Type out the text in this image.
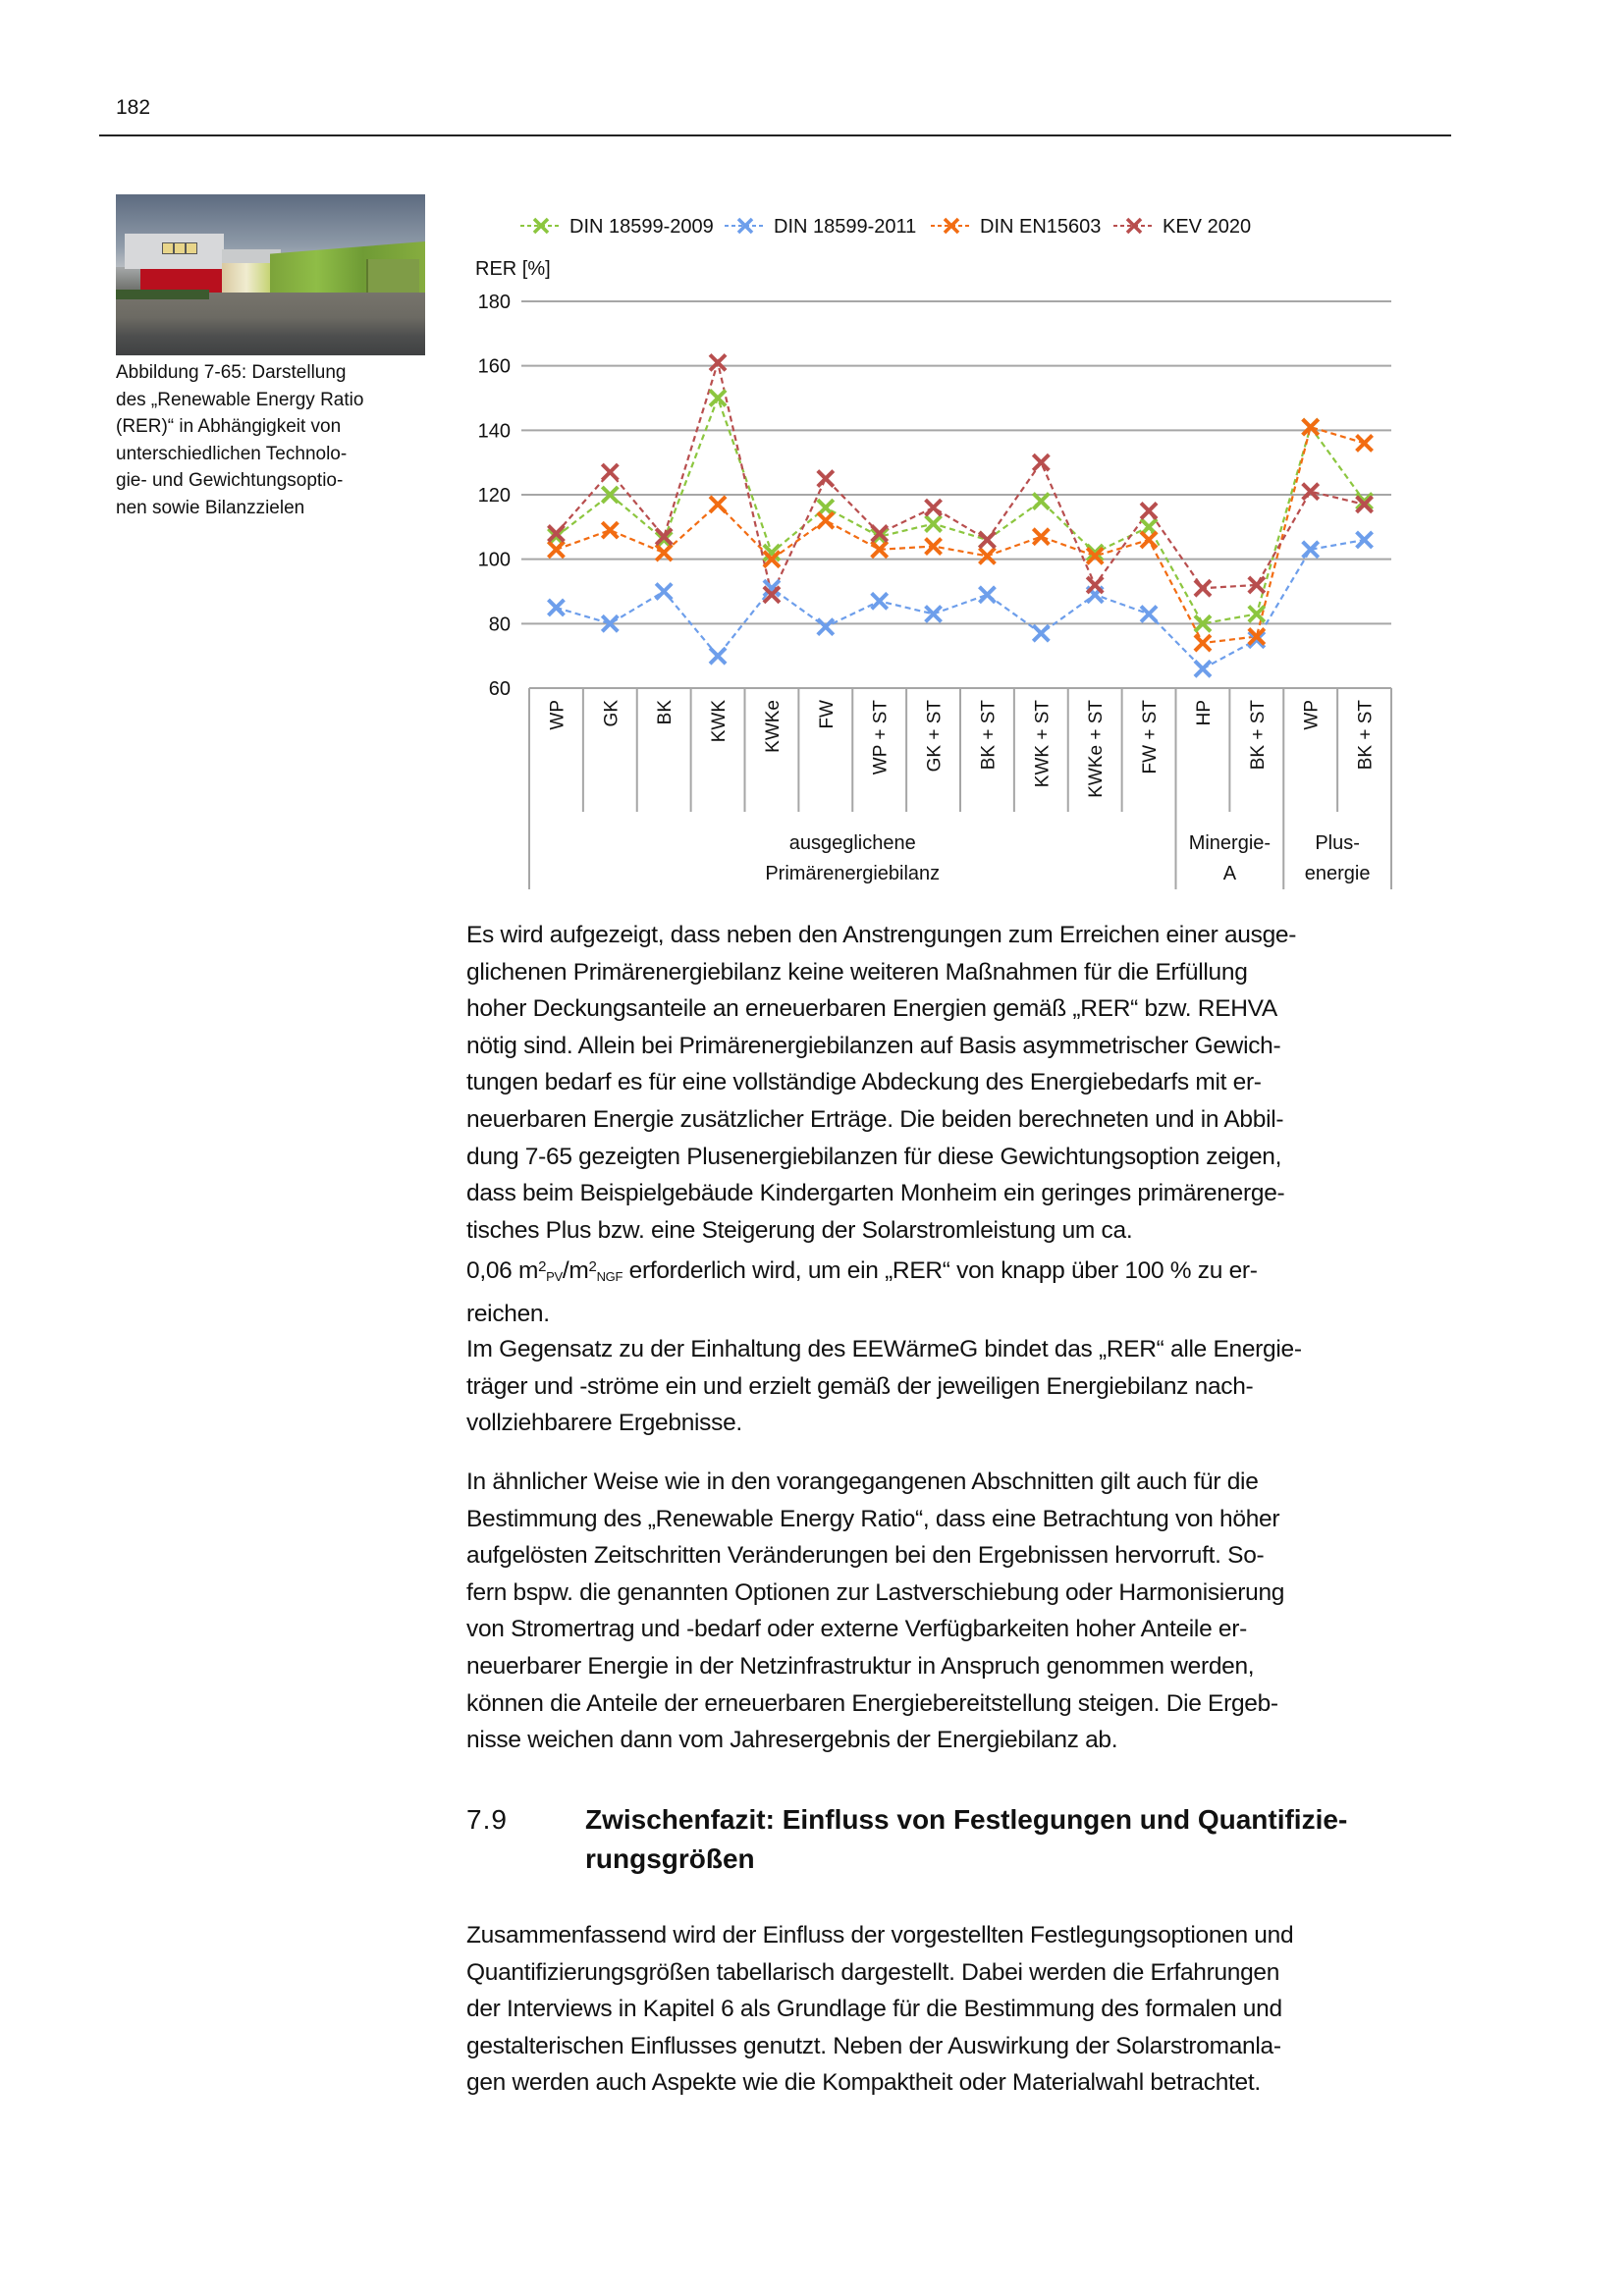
182
Abbildung 7-65: Darstellung
des „Renewable Energy Ratio
(RER)“ in Abhängigkeit von
unterschiedlichen Technolo-
gie- und Gewichtungsoptio-
nen sowie Bilanzzielen
DIN 18599-2009	DIN 18599-2011	DIN EN15603	KEV 2020
RER [%]
60
80
100
120
140
160
180
WP GK BK KWK KWKe FW WP + ST GK + ST BK + ST KWK + ST KWKe + ST FW + ST HP BK + ST WP BK + ST
ausgeglichene
Primärenergiebilanz
Minergie-
A
Plus-
energie

Es wird aufgezeigt, dass neben den Anstrengungen zum Erreichen einer ausge-

glichenen Primärenergiebilanz keine weiteren Maßnahmen für die Erfüllung

hoher Deckungsanteile an erneuerbaren Energien gemäß „RER“ bzw. REHVA

nötig sind. Allein bei Primärenergiebilanzen auf Basis asymmetrischer Gewich-

tungen bedarf es für eine vollständige Abdeckung des Energiebedarfs mit er-

neuerbaren Energie zusätzlicher Erträge. Die beiden berechneten und in Abbil-

dung 7-65 gezeigten Plusenergiebilanzen für diese Gewichtungsoption zeigen,

dass beim Beispielgebäude Kindergarten Monheim ein geringes primärenerge-

tisches Plus bzw. eine Steigerung der Solarstromleistung um ca.

0,06 $m^2_{PV}/m^2_{NGF}$ erforderlich wird, um ein „RER“ von knapp über 100 % zu er-

reichen.

Im Gegensatz zu der Einhaltung des EEWärmeG bindet das „RER“ alle Energie-

träger und -ströme ein und erzielt gemäß der jeweiligen Energiebilanz nach-

vollziehbarere Ergebnisse.

In ähnlicher Weise wie in den vorangegangenen Abschnitten gilt auch für die

Bestimmung des „Renewable Energy Ratio“, dass eine Betrachtung von höher

aufgelösten Zeitschritten Veränderungen bei den Ergebnissen hervorruft. So-

fern bspw. die genannten Optionen zur Lastverschiebung oder Harmonisierung

von Stromertrag und -bedarf oder externe Verfügbarkeiten hoher Anteile er-

neuerbarer Energie in der Netzinfrastruktur in Anspruch genommen werden,

können die Anteile der erneuerbaren Energiebereitstellung steigen. Die Ergeb-

nisse weichen dann vom Jahresergebnis der Energiebilanz ab.

7.9	Zwischenfazit: Einfluss von Festlegungen und Quantifizie-
rungsgrößen

Zusammenfassend wird der Einfluss der vorgestellten Festlegungsoptionen und

Quantifizierungsgrößen tabellarisch dargestellt. Dabei werden die Erfahrungen

der Interviews in Kapitel 6 als Grundlage für die Bestimmung des formalen und

gestalterischen Einflusses genutzt. Neben der Auswirkung der Solarstromanla-

gen werden auch Aspekte wie die Kompaktheit oder Materialwahl betrachtet.
